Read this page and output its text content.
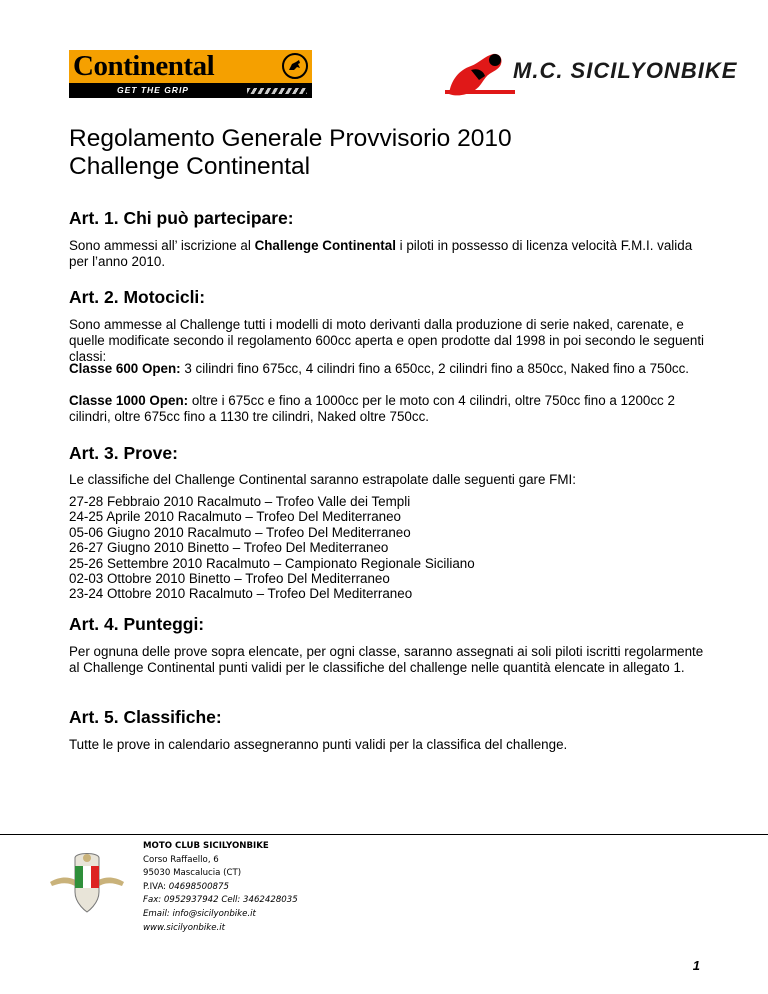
Continental
GET THE GRIP
M.C. SICILYONBIKE
Regolamento Generale Provvisorio 2010
Challenge Continental
Art. 1. Chi può partecipare:

Sono ammessi all’ iscrizione al Challenge Continental i piloti in possesso di licenza velocità F.M.I. valida per l’anno 2010.

Art. 2. Motocicli:

Sono ammesse al Challenge tutti i modelli di moto derivanti dalla produzione di serie naked, carenate, e quelle modificate secondo il regolamento 600cc aperta e open prodotte dal 1998 in poi secondo le seguenti classi:

Classe 600 Open: 3 cilindri fino 675cc, 4 cilindri fino a 650cc, 2 cilindri fino a 850cc, Naked fino a 750cc.

Classe 1000 Open: oltre i 675cc e fino a 1000cc per le moto con 4 cilindri, oltre 750cc fino a 1200cc 2 cilindri, oltre 675cc fino a 1130 tre cilindri, Naked oltre 750cc.

Art. 3. Prove:

Le classifiche del Challenge Continental saranno estrapolate dalle seguenti gare FMI:

27-28 Febbraio 2010 Racalmuto – Trofeo Valle dei Templi
24-25 Aprile 2010 Racalmuto – Trofeo Del Mediterraneo
05-06 Giugno 2010 Racalmuto – Trofeo Del Mediterraneo
26-27 Giugno 2010 Binetto – Trofeo Del Mediterraneo
25-26 Settembre 2010 Racalmuto – Campionato Regionale Siciliano
02-03 Ottobre 2010 Binetto – Trofeo Del Mediterraneo
23-24 Ottobre 2010 Racalmuto – Trofeo Del Mediterraneo
Art. 4. Punteggi:

Per ognuna delle prove sopra elencate, per ogni classe, saranno assegnati ai soli piloti iscritti regolarmente al Challenge Continental punti validi per le classifiche del challenge nelle quantità elencate in allegato 1.

Art. 5. Classifiche:

Tutte le prove in calendario assegneranno punti validi per la classifica del challenge.

MOTO CLUB SICILYONBIKE
Corso Raffaello, 6
95030 Mascalucia (CT)
P.IVA: 04698500875
Fax: 0952937942 Cell: 3462428035
Email: info@sicilyonbike.it
www.sicilyonbike.it
1
